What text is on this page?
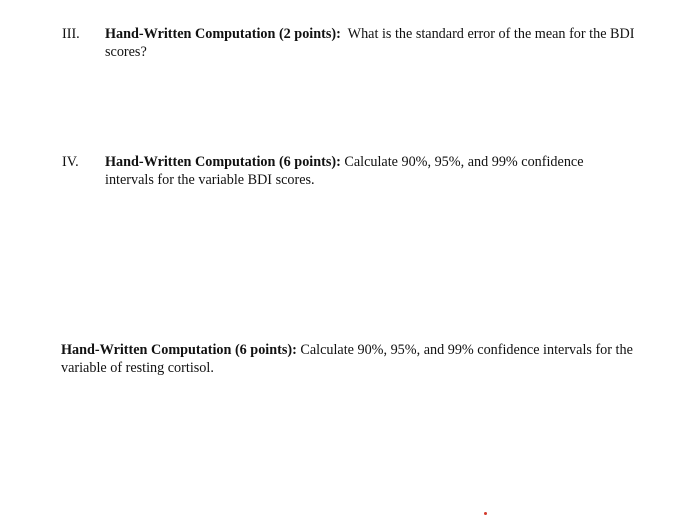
III. Hand-Written Computation (2 points): What is the standard error of the mean for the BDI scores?
IV. Hand-Written Computation (6 points): Calculate 90%, 95%, and 99% confidence intervals for the variable BDI scores.
Hand-Written Computation (6 points): Calculate 90%, 95%, and 99% confidence intervals for the variable of resting cortisol.
